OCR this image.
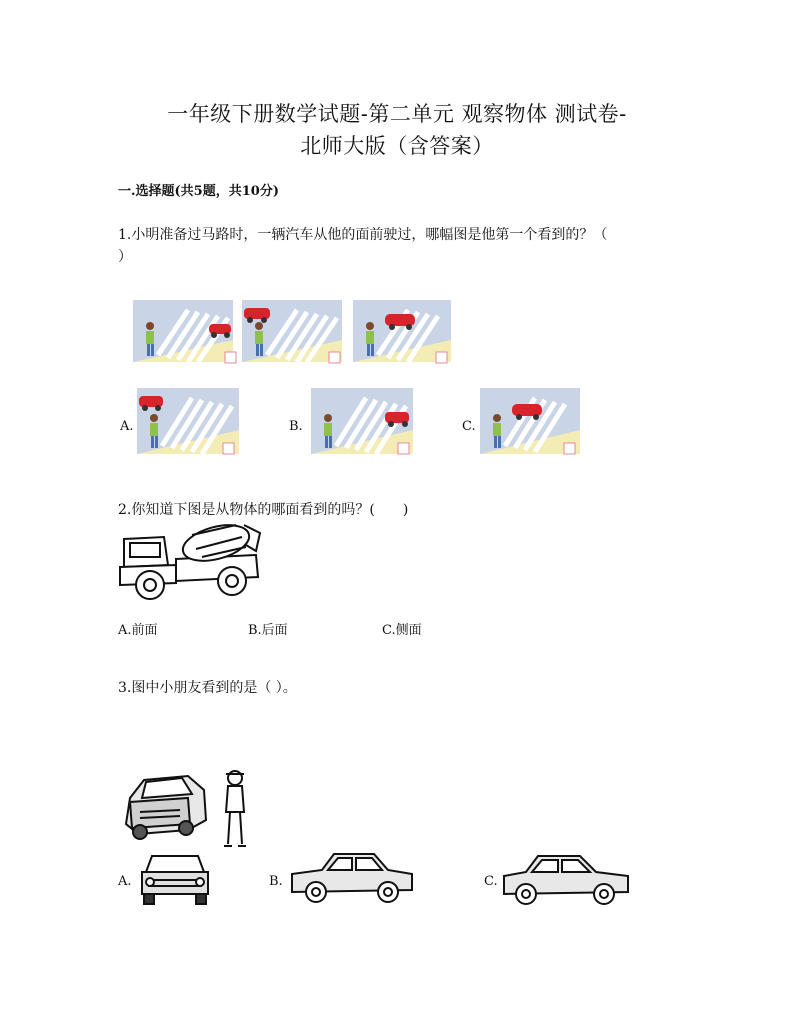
一年级下册数学试题-第二单元 观察物体 测试卷-
北师大版（含答案）
一.选择题(共5题，共10分)
1.小明准备过马路时，一辆汽车从他的面前驶过，哪幅图是他第一个看到的？（
）
A.	B.	C.
2.你知道下图是从物体的哪面看到的吗？(　　)
A.前面	B.后面	C.侧面
3.图中小朋友看到的是（ ）。
A.	B.	C.
